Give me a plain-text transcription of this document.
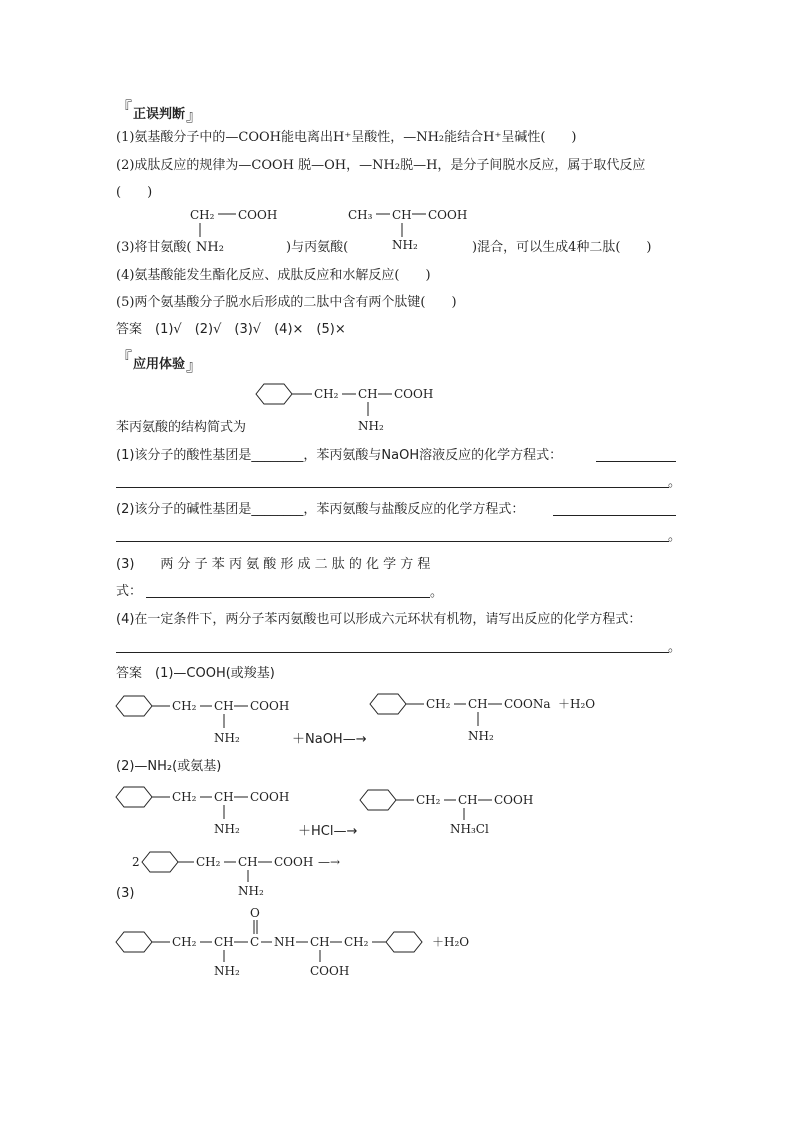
『正误判断』
(1)氨基酸分子中的—COOH能电离出H⁺呈酸性，—NH₂能结合H⁺呈碱性(　　)
(2)成肽反应的规律为—COOH 脱—OH，—NH₂脱—H，是分子间脱水反应，属于取代反应
(　　)
CH₂ COOH	CH₃ CH COOH
NH₂
(3)将甘氨酸( NH₂	)与丙氨酸(	)混合，可以生成4种二肽(　　)
(4)氨基酸能发生酯化反应、成肽反应和水解反应(　　)
(5)两个氨基酸分子脱水后形成的二肽中含有两个肽键(　　)
答案　(1)√　(2)√　(3)√　(4)×　(5)×
『应用体验』
CH₂ CH COOH
NH₂
苯丙氨酸的结构简式为
(1)该分子的酸性基团是________，苯丙氨酸与NaOH溶液反应的化学方程式：
。
(2)该分子的碱性基团是________，苯丙氨酸与盐酸反应的化学方程式：
。
(3)　　两 分 子 苯 丙 氨 酸 形 成 二 肽 的 化 学 方 程
式：	。
(4)在一定条件下，两分子苯丙氨酸也可以形成六元环状有机物，请写出反应的化学方程式：
。
答案　(1)—COOH(或羧基)
CH₂ CH COOH
NH₂	＋NaOH—→
CH₂ CH COONa ＋H₂O
NH₂
(2)—NH₂(或氨基)
CH₂ CH COOH
NH₂	＋HCl—→
CH₂ CH COOH
NH₃Cl
2	CH₂ CH COOH —→
NH₂
(3)
CH₂ CH C
O
NH CH CH₂	＋H₂O
NH₂	COOH
